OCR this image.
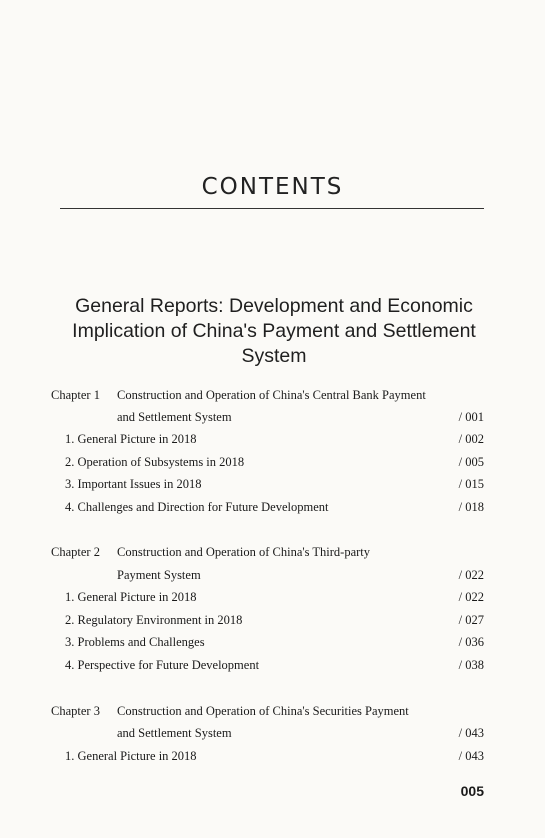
CONTENTS
General Reports: Development and Economic
Implication of China's Payment and Settlement
System
Chapter 1 Construction and Operation of China's Central Bank Payment
and Settlement System	/ 001
1. General Picture in 2018	/ 002
2. Operation of Subsystems in 2018	/ 005
3. Important Issues in 2018	/ 015
4. Challenges and Direction for Future Development	/ 018
Chapter 2 Construction and Operation of China's Third-party
Payment System	/ 022
1. General Picture in 2018	/ 022
2. Regulatory Environment in 2018	/ 027
3. Problems and Challenges	/ 036
4. Perspective for Future Development	/ 038
Chapter 3 Construction and Operation of China's Securities Payment
and Settlement System	/ 043
1. General Picture in 2018	/ 043
005
